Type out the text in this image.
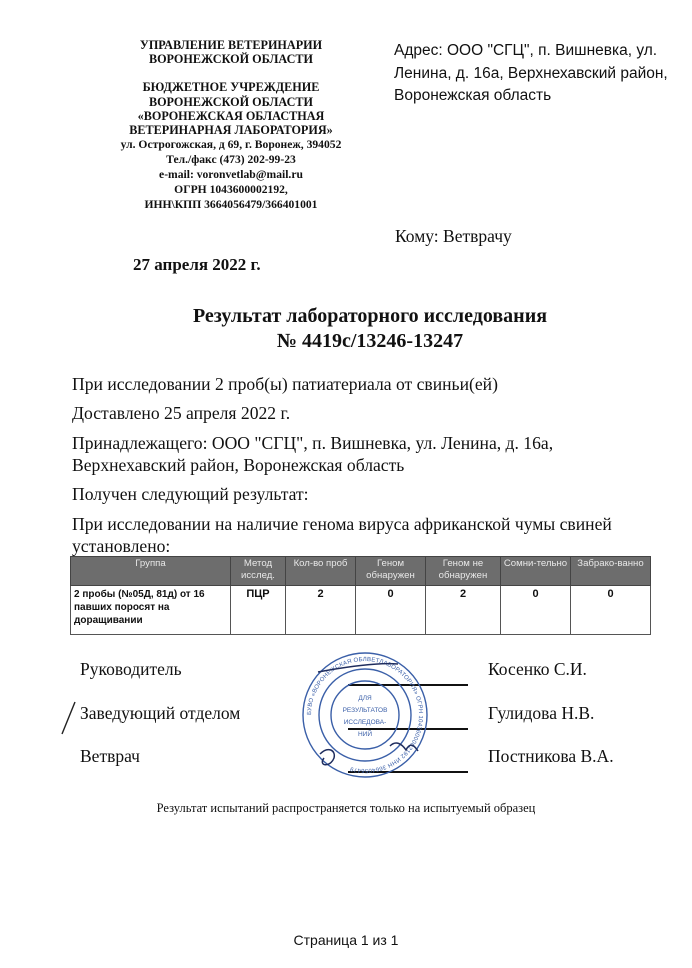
УПРАВЛЕНИЕ ВЕТЕРИНАРИИ
ВОРОНЕЖСКОЙ ОБЛАСТИ
БЮДЖЕТНОЕ УЧРЕЖДЕНИЕ
ВОРОНЕЖСКОЙ ОБЛАСТИ
«ВОРОНЕЖСКАЯ ОБЛАСТНАЯ
ВЕТЕРИНАРНАЯ ЛАБОРАТОРИЯ»
ул. Острогожская, д 69, г. Воронеж, 394052
Тел./факс (473) 202-99-23
e-mail: voronvetlab@mail.ru
ОГРН 1043600002192,
ИНН\КПП 3664056479/366401001
Адрес: ООО "СГЦ", п. Вишневка, ул. Ленина, д. 16а, Верхнехавский район, Воронежская область
Кому: Ветврачу
27 апреля 2022 г.
Результат лабораторного исследования
№ 4419с/13246-13247

При исследовании 2 проб(ы) патиатериала от свиньи(ей)

Доставлено 25 апреля 2022 г.

Принадлежащего: ООО "СГЦ", п. Вишневка, ул. Ленина, д. 16а, Верхнехавский район, Воронежская область

Получен следующий результат:

При исследовании на наличие генома вируса африканской чумы свиней установлено:

Группа	Метод исслед.	Кол-во проб	Геном обнаружен	Геном не обнаружен	Сомни-тельно	Забрако-ванно
2 пробы (№05Д, 81д) от 16 павших поросят на доращивании	ПЦР	2	0	2	0	0
Руководитель	Косенко С.И.
Заведующий отделом	Гулидова Н.В.
Ветврач	Постникова В.А.
БУВО «ВОРОНЕЖСКАЯ ОБЛВЕТЛАБОРАТОРИЯ» ОГРН 1043600002192 ИНН 3664056479
ДЛЯ
РЕЗУЛЬТАТОВ
ИССЛЕДОВА-
НИЙ
Результат испытаний распространяется только на испытуемый образец
Страница 1 из 1
